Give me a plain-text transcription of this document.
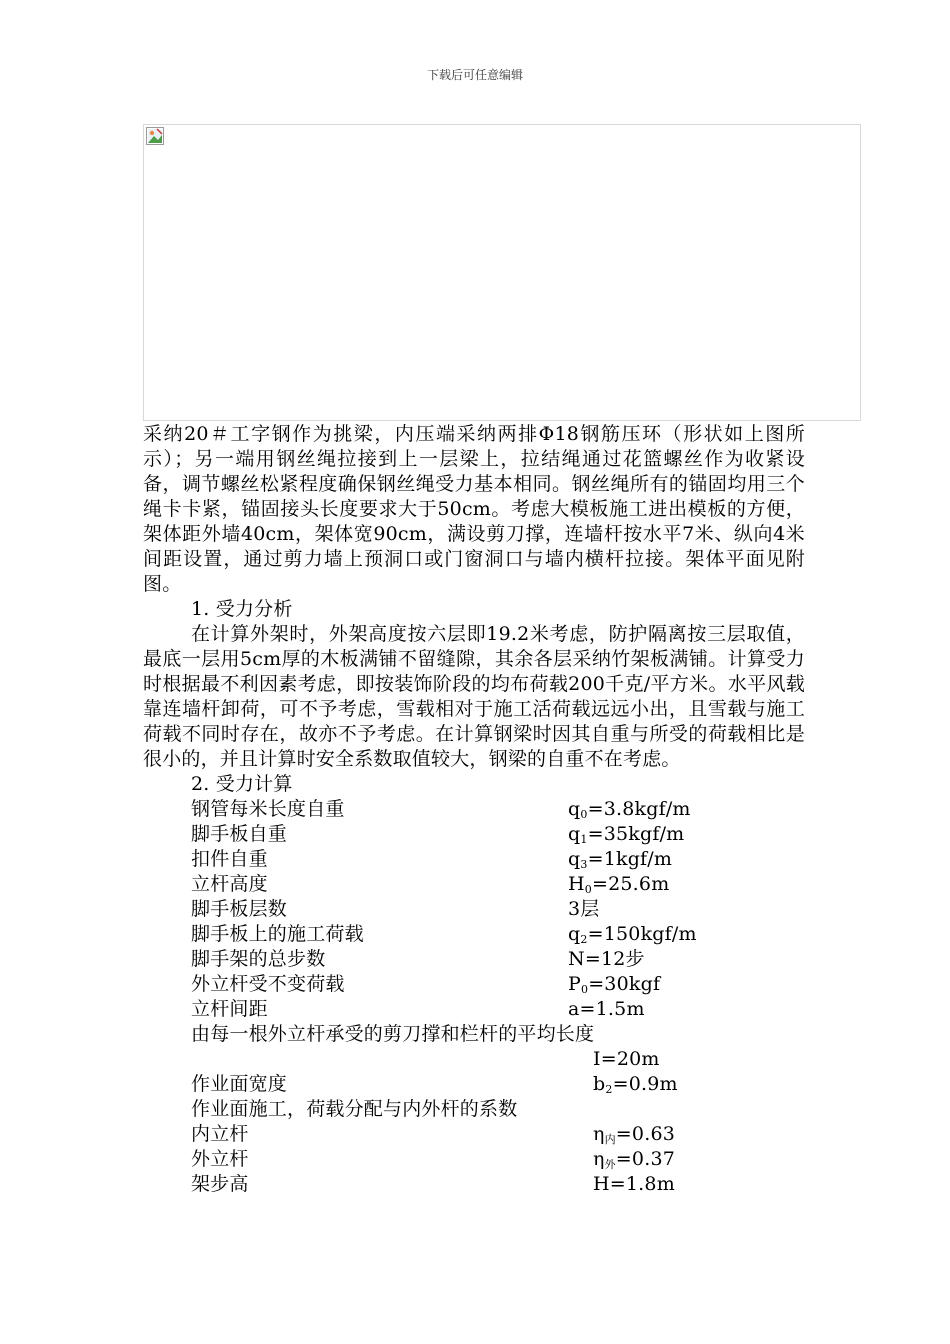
下载后可任意编辑

采纳20＃工字钢作为挑梁，内压端采纳两排Φ18钢筋压环（形状如上图所示）；另一端用钢丝绳拉接到上一层梁上，拉结绳通过花篮螺丝作为收紧设备，调节螺丝松紧程度确保钢丝绳受力基本相同。钢丝绳所有的锚固均用三个绳卡卡紧，锚固接头长度要求大于50cm。考虑大模板施工进出模板的方便，架体距外墙40cm，架体宽90cm，满设剪刀撑，连墙杆按水平7米、纵向4米间距设置，通过剪力墙上预洞口或门窗洞口与墙内横杆拉接。架体平面见附图。

1. 受力分析

在计算外架时，外架高度按六层即19.2米考虑，防护隔离按三层取值，最底一层用5cm厚的木板满铺不留缝隙，其余各层采纳竹架板满铺。计算受力时根据最不利因素考虑，即按装饰阶段的均布荷载200千克/平方米。水平风载靠连墙杆卸荷，可不予考虑，雪载相对于施工活荷载远远小出，且雪载与施工荷载不同时存在，故亦不予考虑。在计算钢梁时因其自重与所受的荷载相比是很小的，并且计算时安全系数取值较大，钢梁的自重不在考虑。

2. 受力计算

钢管每米长度自重	$q_0=3.8kgf/m$
脚手板自重	$q_1=35kgf/m$
扣件自重	$q_3=1kgf/m$
立杆高度	$H_0=25.6m$
脚手板层数	3层
脚手板上的施工荷载	$q_2=150kgf/m$
脚手架的总步数	N=12步
外立杆受不变荷载	$P_0=30kgf$
立杆间距	a=1.5m
由每一根外立杆承受的剪刀撑和栏杆的平均长度
I=20m
作业面宽度	$b_2=0.9m$
作业面施工，荷载分配与内外杆的系数
内立杆	$\eta_内=0.63$
外立杆	$\eta_外=0.37$
架步高	H=1.8m
